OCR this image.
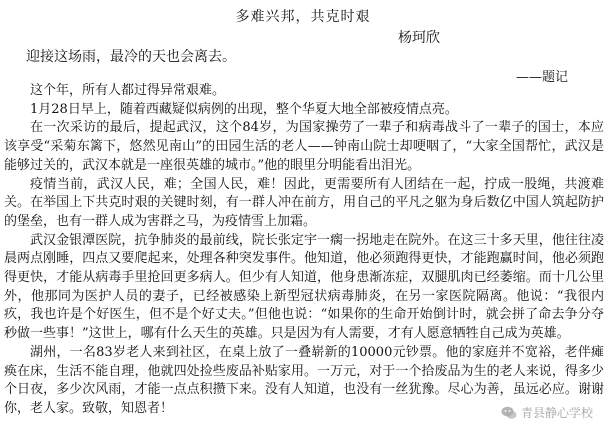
多难兴邦，共克时艰
杨珂欣
迎接这场雨，最冷的天也会离去。
——题记

这个年，所有人都过得异常艰难。

1月28日早上，随着西藏疑似病例的出现，整个华夏大地全部被疫情点亮。

在一次采访的最后，提起武汉，这个84岁，为国家操劳了一辈子和病毒战斗了一辈子的国士，本应该享受“采菊东篱下，悠然见南山”的田园生活的老人——钟南山院士却哽咽了，“大家全国帮忙，武汉是能够过关的，武汉本就是一座很英雄的城市。”他的眼里分明能看出泪光。

疫情当前，武汉人民，难；全国人民，难！因此，更需要所有人团结在一起，拧成一股绳，共渡难关。在举国上下共克时艰的关键时刻，有一群人冲在前方，用自己的平凡之躯为身后数亿中国人筑起防护的堡垒，也有一群人成为害群之马，为疫情雪上加霜。

武汉金银潭医院，抗争肺炎的最前线，院长张定宇一瘸一拐地走在院外。在这三十多天里，他往往凌晨两点刚睡，四点又要爬起来，处理各种突发事件。他知道，他必须跑得更快，才能跑赢时间，他必须跑得更快，才能从病毒手里抢回更多病人。但少有人知道，他身患渐冻症，双腿肌肉已经萎缩。而十几公里外，他那同为医护人员的妻子，已经被感染上新型冠状病毒肺炎，在另一家医院隔离。他说：“我很内疚，我也许是个好医生，但不是个好丈夫。”但他也说：“如果你的生命开始倒计时，就会拼了命去争分夺秒做一些事！”这世上，哪有什么天生的英雄。只是因为有人需要，才有人愿意牺牲自己成为英雄。

湖州，一名83岁老人来到社区，在桌上放了一叠崭新的10000元钞票。他的家庭并不宽裕，老伴瘫痪在床，生活不能自理，他就四处捡些废品补贴家用。一万元，对于一个拾废品为生的老人来说，得多少个日夜，多少次风雨，才能一点点积攒下来。没有人知道，也没有一丝犹豫。尽心为善，虽远必应。谢谢你，老人家。致敬，知恩者！	青县静心学校
